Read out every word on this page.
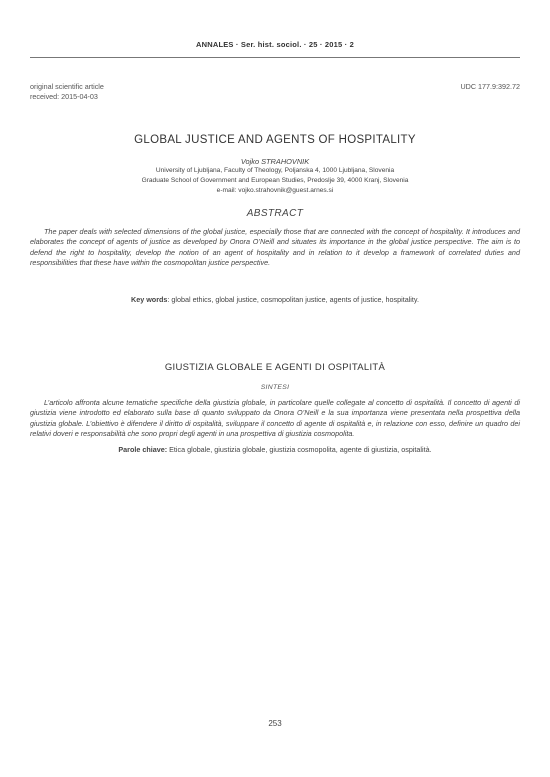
ANNALES · Ser. hist. sociol. · 25 · 2015 · 2
original scientific article	UDC 177.9:392.72
received: 2015-04-03
GLOBAL JUSTICE AND AGENTS OF HOSPITALITY
Vojko STRAHOVNIK
University of Ljubljana, Faculty of Theology, Poljanska 4, 1000 Ljubljana, Slovenia
Graduate School of Government and European Studies, Predoslje 39, 4000 Kranj, Slovenia
e-mail: vojko.strahovnik@guest.arnes.si
ABSTRACT
The paper deals with selected dimensions of the global justice, especially those that are connected with the concept of hospitality. It introduces and elaborates the concept of agents of justice as developed by Onora O’Neill and situates its importance in the global justice perspective. The aim is to defend the right to hospitality, develop the notion of an agent of hospitality and in relation to it develop a framework of correlated duties and responsibilities that these have within the cosmopolitan justice perspective.
Key words: global ethics, global justice, cosmopolitan justice, agents of justice, hospitality.
GIUSTIZIA GLOBALE E AGENTI DI OSPITALITÀ
SINTESI
L’articolo affronta alcune tematiche specifiche della giustizia globale, in particolare quelle collegate al concetto di ospitalità. Il concetto di agenti di giustizia viene introdotto ed elaborato sulla base di quanto sviluppato da Onora O’Neill e la sua importanza viene presentata nella prospettiva della giustizia globale. L’obiettivo è difendere il diritto di ospitalità, sviluppare il concetto di agente di ospitalità e, in relazione con esso, definire un quadro dei relativi doveri e responsabilità che sono propri degli agenti in una prospettiva di giustizia cosmopolita.
Parole chiave: Etica globale, giustizia globale, giustizia cosmopolita, agente di giustizia, ospitalità.
253
